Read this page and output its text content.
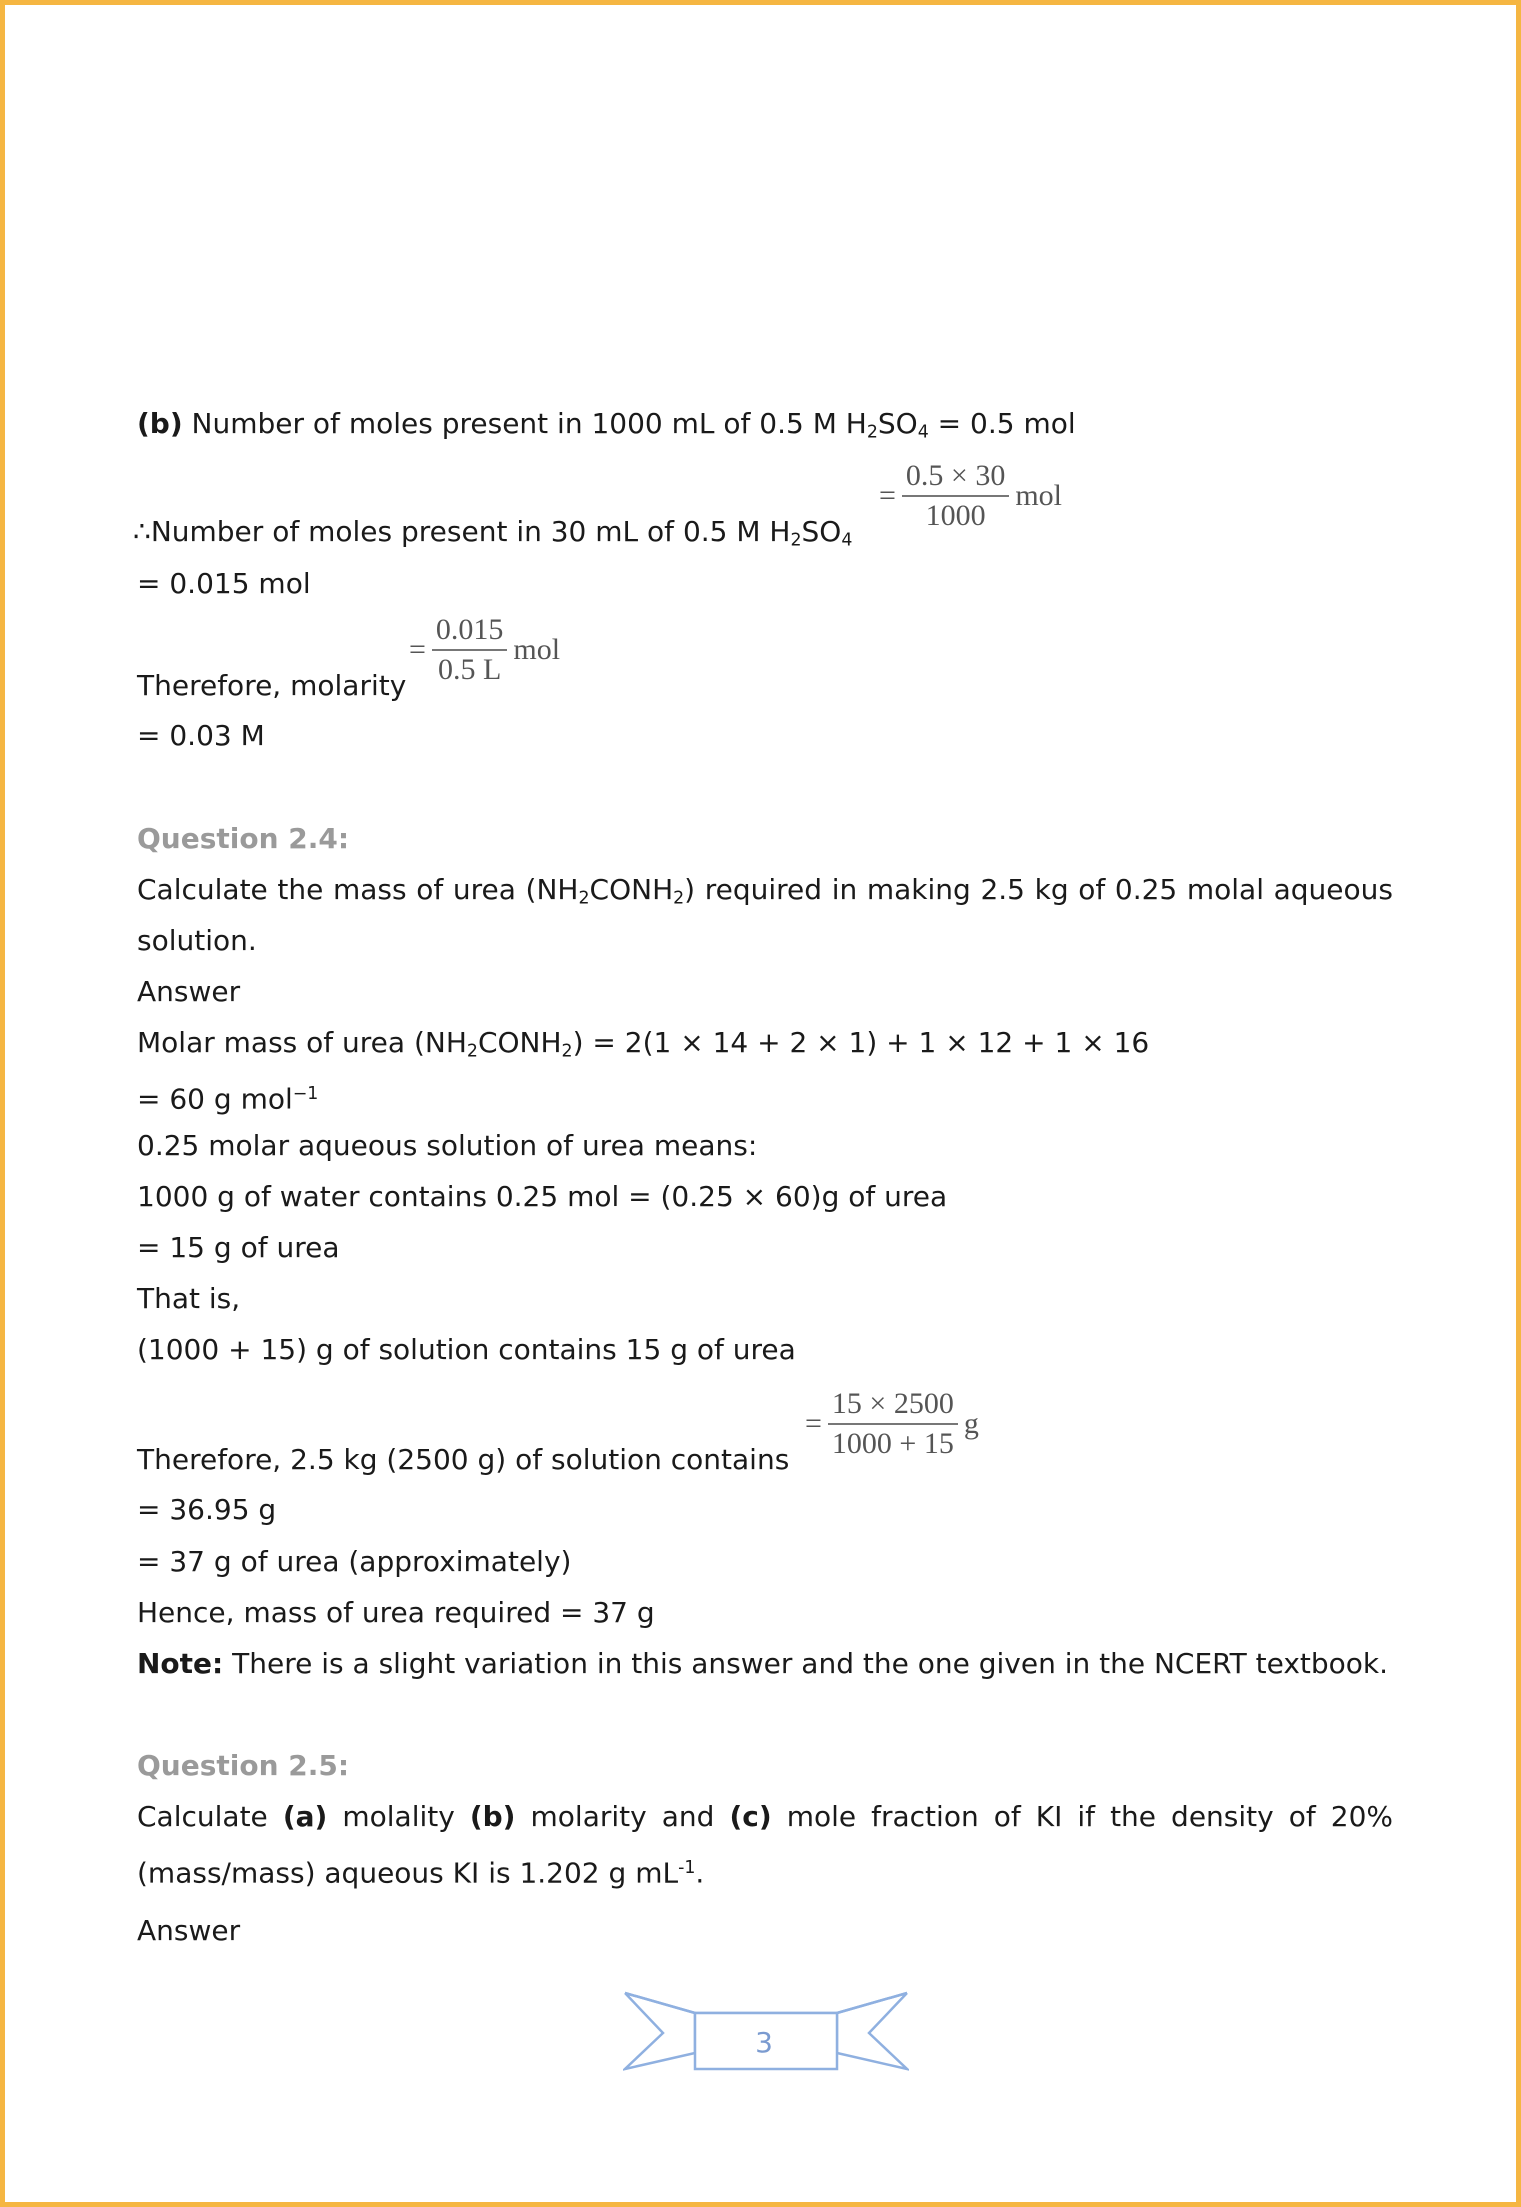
(b) Number of moles present in 1000 mL of 0.5 M $H_2SO_4 = 0.5$ mol
∴Number of moles present in 30 mL of 0.5 M $H_2SO_4$
= $\frac{0.5 \times 30}{1000}$ mol
= 0.015 mol
Therefore, molarity
= $\frac{0.015}{0.5 L}$ mol
= 0.03 M
Question 2.4:
Calculate the mass of urea $(NH_2CONH_2)$ required in making 2.5 kg of 0.25 molal aqueous
solution.
Answer
Molar mass of urea $(NH_2CONH_2) = 2(1 \times 14 + 2 \times 1) + 1 \times 12 + 1 \times 16$
= 60 g mol$^{-1}$
0.25 molar aqueous solution of urea means:
1000 g of water contains 0.25 mol = (0.25 × 60)g of urea
= 15 g of urea
That is,
(1000 + 15) g of solution contains 15 g of urea
Therefore, 2.5 kg (2500 g) of solution contains
= $\frac{15 \times 2500}{1000 + 15}$ g
= 36.95 g
= 37 g of urea (approximately)
Hence, mass of urea required = 37 g
Note: There is a slight variation in this answer and the one given in the NCERT textbook.
Question 2.5:
Calculate (a) molality (b) molarity and (c) mole fraction of KI if the density of 20%
(mass/mass) aqueous KI is 1.202 g $mL^{-1}$.
Answer
3
